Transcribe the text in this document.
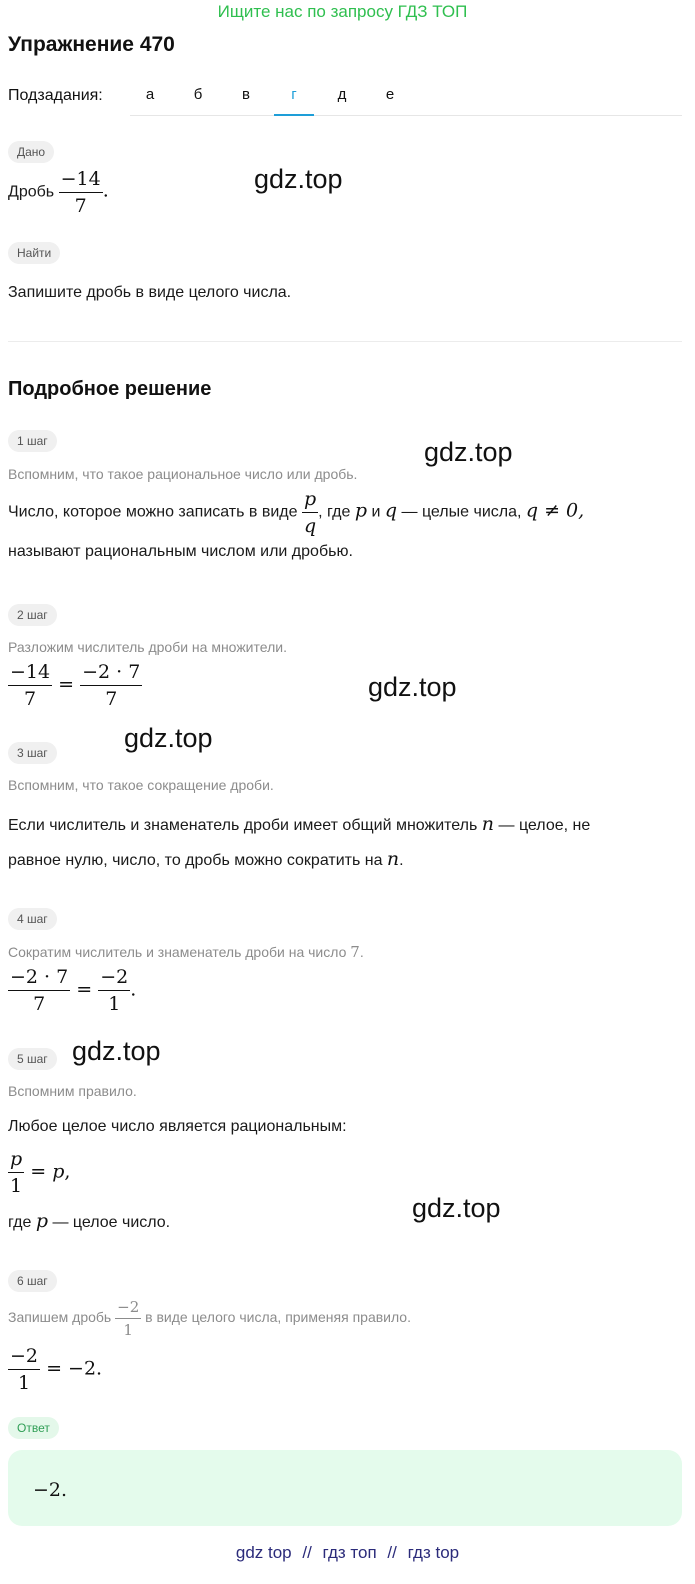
Ищите нас по запросу ГДЗ ТОП
Упражнение 470
Подзадания:	а	б	в	г	д	е
Дано
Дробь $\frac{-14}{7}$ .
Найти
Запишите дробь в виде целого числа.
Подробное решение
1 шаг
Вспомним, что такое рациональное число или дробь.
Число, которое можно записать в виде $\frac{p}{q}$ , где p и q — целые числа, q ≠ 0,
называют рациональным числом или дробью.
2 шаг
Разложим числитель дроби на множители.
$\frac{-14}{7} = \frac{-2 \cdot 7}{7}$
3 шаг
Вспомним, что такое сокращение дроби.
Если числитель и знаменатель дроби имеет общий множитель n — целое, не
равное нулю, число, то дробь можно сократить на n.
4 шаг
Сократим числитель и знаменатель дроби на число 7.
$\frac{-2 \cdot 7}{7} = \frac{-2}{1}$ .
5 шаг
Вспомним правило.
Любое целое число является рациональным:
$\frac{p}{1} = p$,
где p — целое число.
6 шаг
Запишем дробь $\frac{-2}{1}$ в виде целого числа, применяя правило.
$\frac{-2}{1} = -2$.
Ответ
−2.
gdz.top
gdz.top
gdz.top
gdz.top
gdz.top
gdz.top
gdz top // гдз топ // гдз top
